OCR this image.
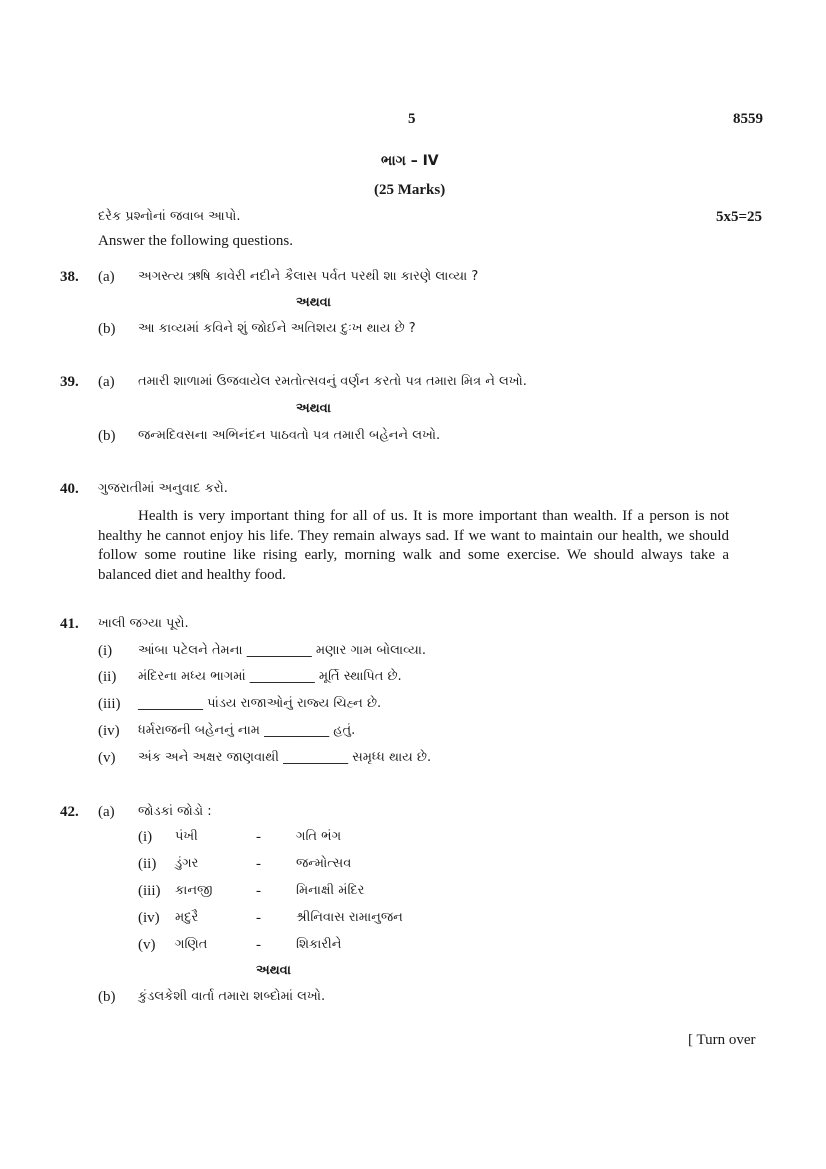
5	8559
ભાગ – IV
(25 Marks)
દરેક પ્રશ્નોનાં જવાબ આપો.	5x5=25
Answer the following questions.
38. (a) અગસ્ત્ય ઋષિ કાવેરી નદીને કૈલાસ પર્વત પરથી શા કારણે લાવ્યા ?
અથવા
(b) આ કાવ્યમાં કવિને શું જોઈને અતિશય દુઃખ થાય છે ?
39. (a) તમારી શાળામાં ઉજવાયેલ રમતોત્સવનું વર્ણન કરતો પત્ર તમારા મિત્ર ને લખો.
અથવા
(b) જન્મદિવસના અભિનંદન પાઠવતો પત્ર તમારી બહેનને લખો.
40. ગુજરાતીમાં અનુવાદ કરો.
Health is very important thing for all of us. It is more important than wealth. If a person is not healthy he cannot enjoy his life. They remain always sad. If we want to maintain our health, we should follow some routine like rising early, morning walk and some exercise. We should always take a balanced diet and healthy food.
41. ખાલી જગ્યા પૂરો.
(i) આંબા પટેલને તેમના __________ મણાર ગામ બોલાવ્યા.
(ii) મંદિરના મધ્ય ભાગમાં __________ મૂર્તિ સ્થાપિત છે.
(iii) __________ પાંડય રાજાઓનું રાજ્ય ચિહ્ન છે.
(iv) ધર્મરાજની બહેનનું નામ __________ હતું.
(v) અંક અને અક્ષર જાણવાથી __________ સમૃધ્ધ થાય છે.
42. (a) જોડકાં જોડો :
(i) પંખી	-	ગતિ ભંગ
(ii) ડુંગર	-	જન્મોત્સવ
(iii) કાનજી	-	મિનાક્ષી મંદિર
(iv) મદુરૈ	-	શ્રીનિવાસ રામાનુજન
(v) ગણિત	-	શિકારીને
અથવા
(b) કુંડલકેશી વાર્તા તમારા શબ્દોમાં લખો.
[ Turn over
